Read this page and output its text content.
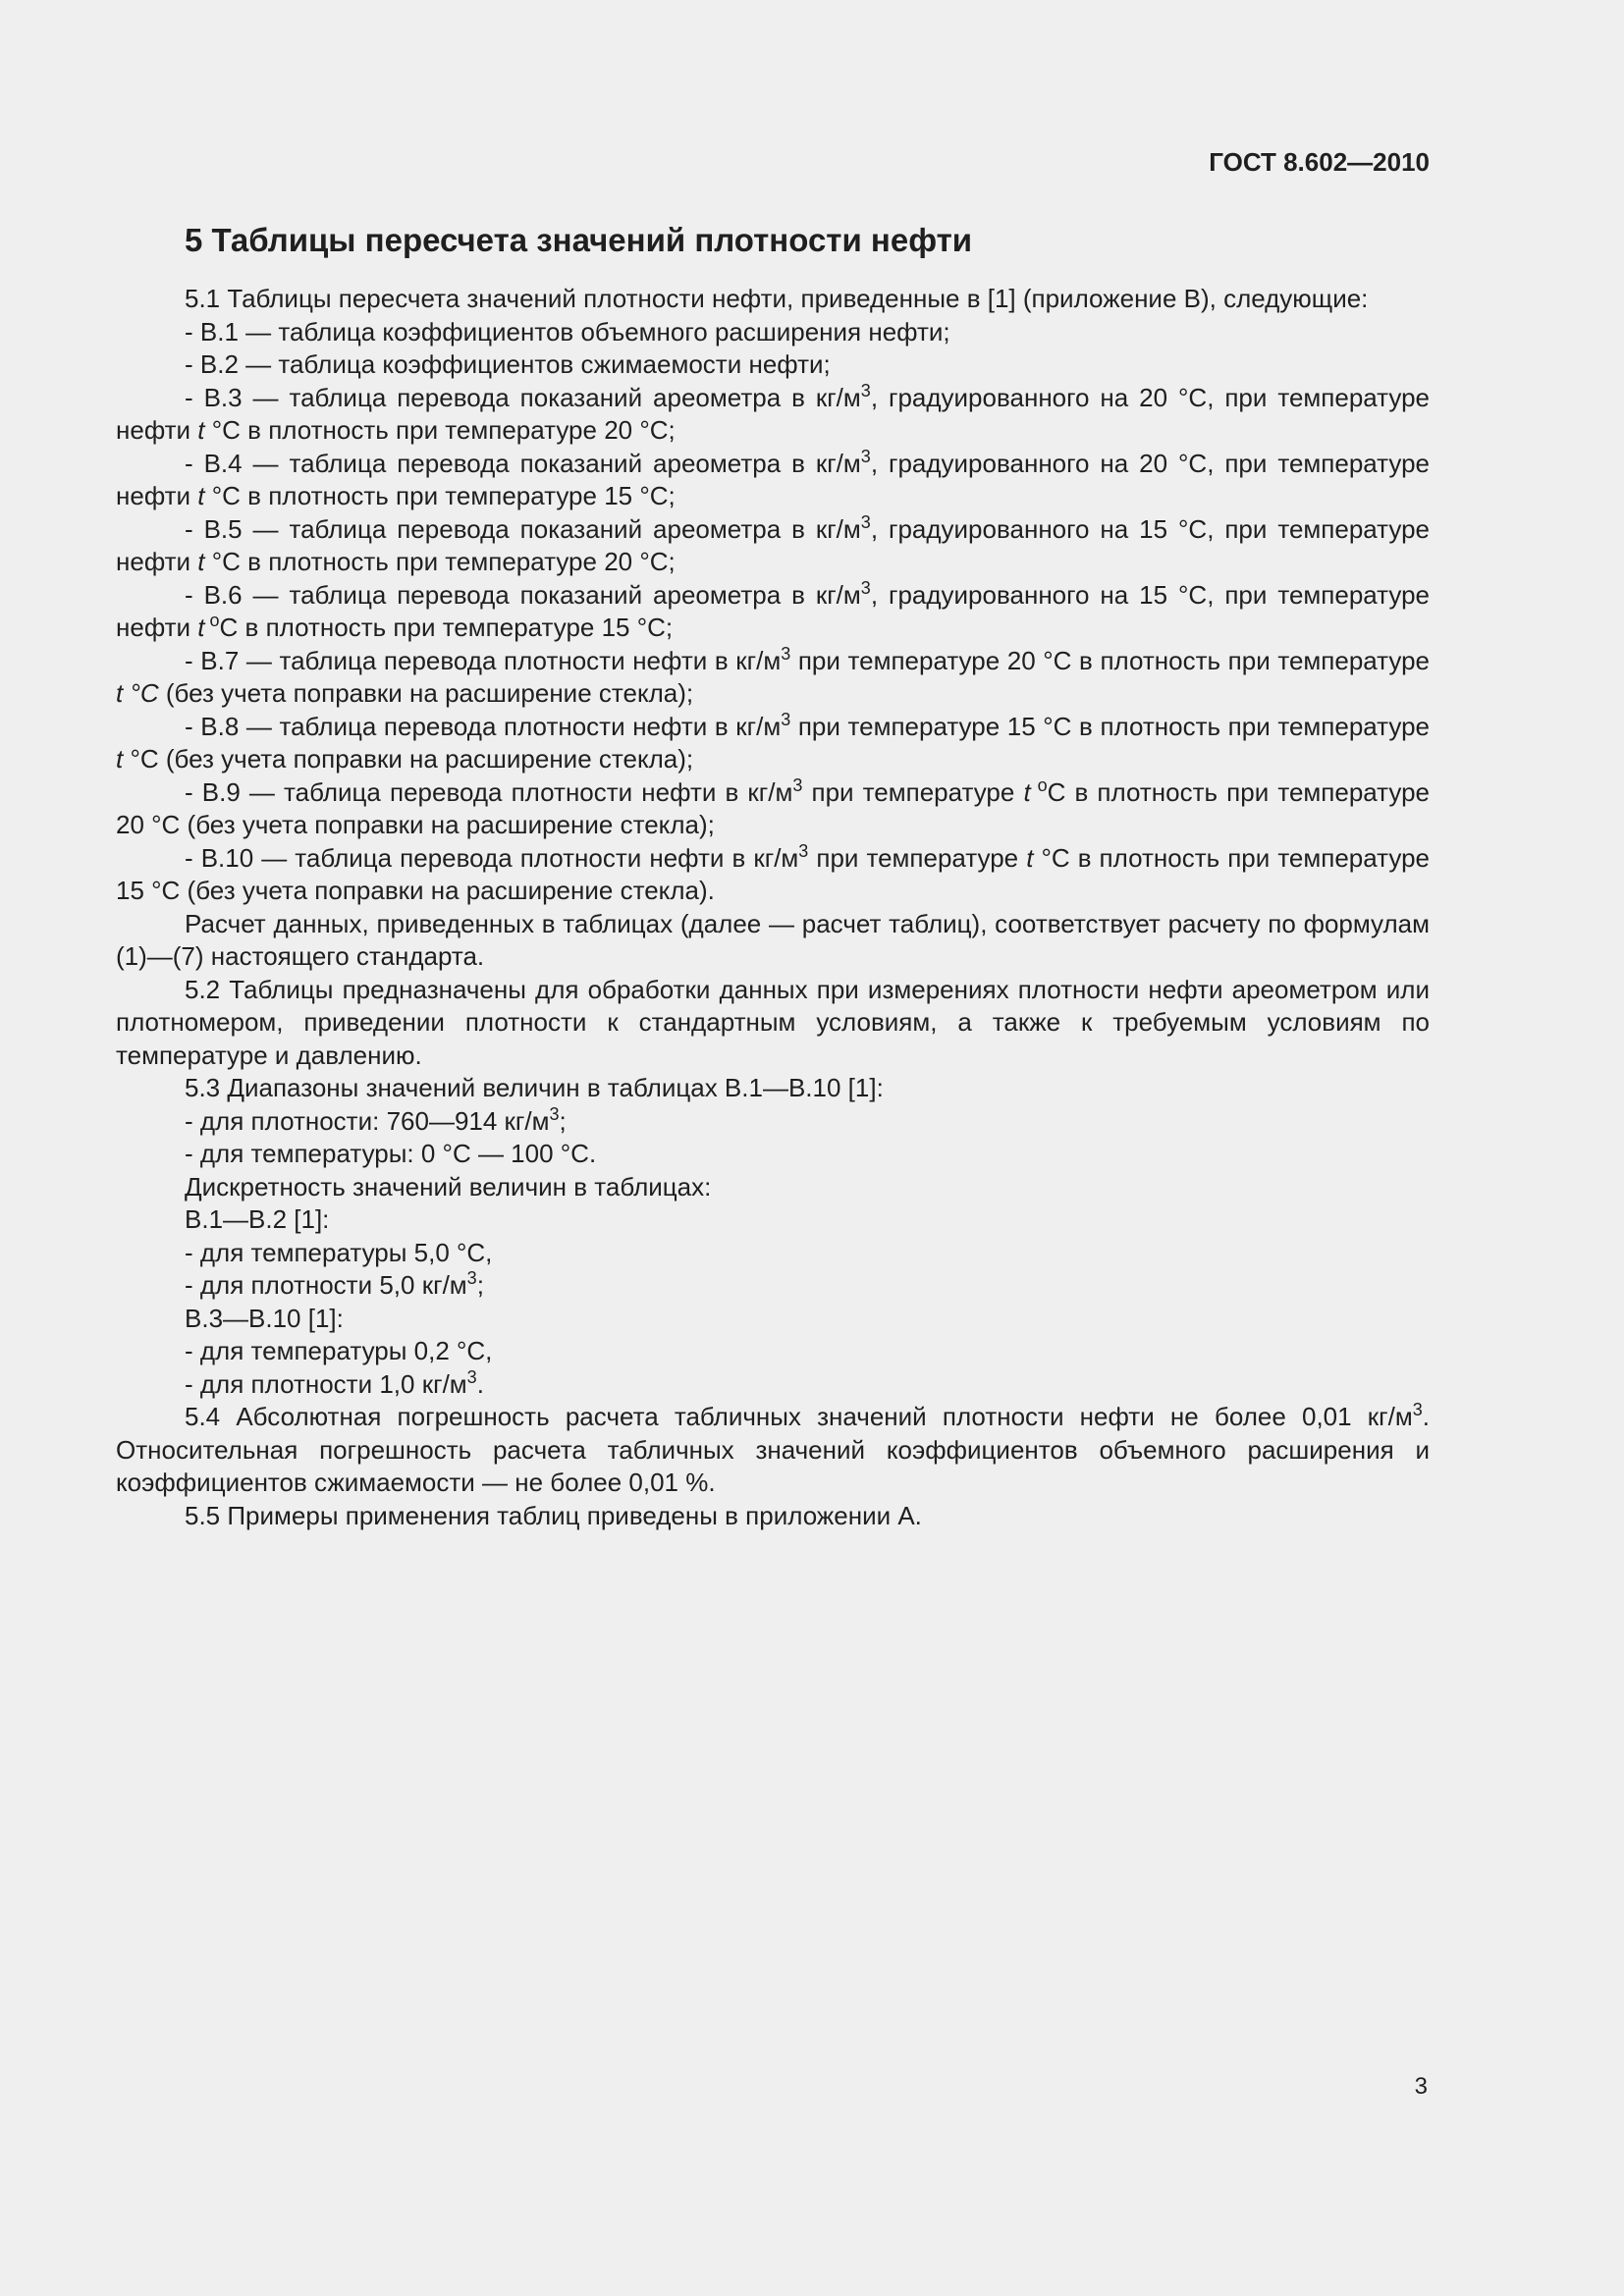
ГОСТ 8.602—2010
5 Таблицы пересчета значений плотности нефти

5.1 Таблицы пересчета значений плотности нефти, приведенные в [1] (приложение В), следующие:

- В.1 — таблица коэффициентов объемного расширения нефти;

- В.2 — таблица коэффициентов сжимаемости нефти;

- В.3 — таблица перевода показаний ареометра в $кг/м^3$, градуированного на 20 °C, при температуре нефти t °C в плотность при температуре 20 °C;

- В.4 — таблица перевода показаний ареометра в $кг/м^3$, градуированного на 20 °C, при температуре нефти t °C в плотность при температуре 15 °C;

- В.5 — таблица перевода показаний ареометра в $кг/м^3$, градуированного на 15 °C, при температуре нефти t °C в плотность при температуре 20 °C;

- В.6 — таблица перевода показаний ареометра в $кг/м^3$, градуированного на 15 °C, при температуре нефти t $^о$C в плотность при температуре 15 °C;

- В.7 — таблица перевода плотности нефти в $кг/м^3$ при температуре 20 °C в плотность при температуре t °C (без учета поправки на расширение стекла);

- В.8 — таблица перевода плотности нефти в $кг/м^3$ при температуре 15 °C в плотность при температуре t °C (без учета поправки на расширение стекла);

- В.9 — таблица перевода плотности нефти в $кг/м^3$ при температуре t $^о$C в плотность при температуре 20 °C (без учета поправки на расширение стекла);

- В.10 — таблица перевода плотности нефти в $кг/м^3$ при температуре t °C в плотность при температуре 15 °C (без учета поправки на расширение стекла).

Расчет данных, приведенных в таблицах (далее — расчет таблиц), соответствует расчету по формулам (1)—(7) настоящего стандарта.

5.2 Таблицы предназначены для обработки данных при измерениях плотности нефти ареометром или плотномером, приведении плотности к стандартным условиям, а также к требуемым условиям по температуре и давлению.

5.3 Диапазоны значений величин в таблицах В.1—В.10 [1]:

- для плотности: 760—914 $кг/м^3$;

- для температуры: 0 °C — 100 °C.

Дискретность значений величин в таблицах:

В.1—В.2 [1]:

- для температуры 5,0 °C,

- для плотности 5,0 $кг/м^3$;

В.3—В.10 [1]:

- для температуры 0,2 °C,

- для плотности 1,0 $кг/м^3$.

5.4 Абсолютная погрешность расчета табличных значений плотности нефти не более 0,01 $кг/м^3$. Относительная погрешность расчета табличных значений коэффициентов объемного расширения и коэффициентов сжимаемости — не более 0,01 %.

5.5 Примеры применения таблиц приведены в приложении А.

3
